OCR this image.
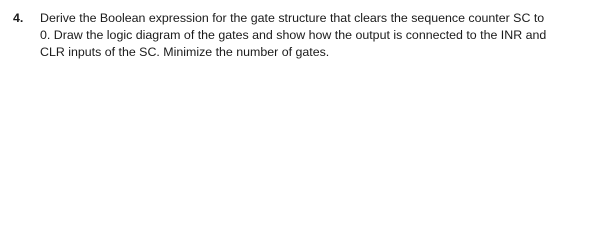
4.	Derive the Boolean expression for the gate structure that clears the sequence counter SC to
0. Draw the logic diagram of the gates and show how the output is connected to the INR and
CLR inputs of the SC. Minimize the number of gates.
